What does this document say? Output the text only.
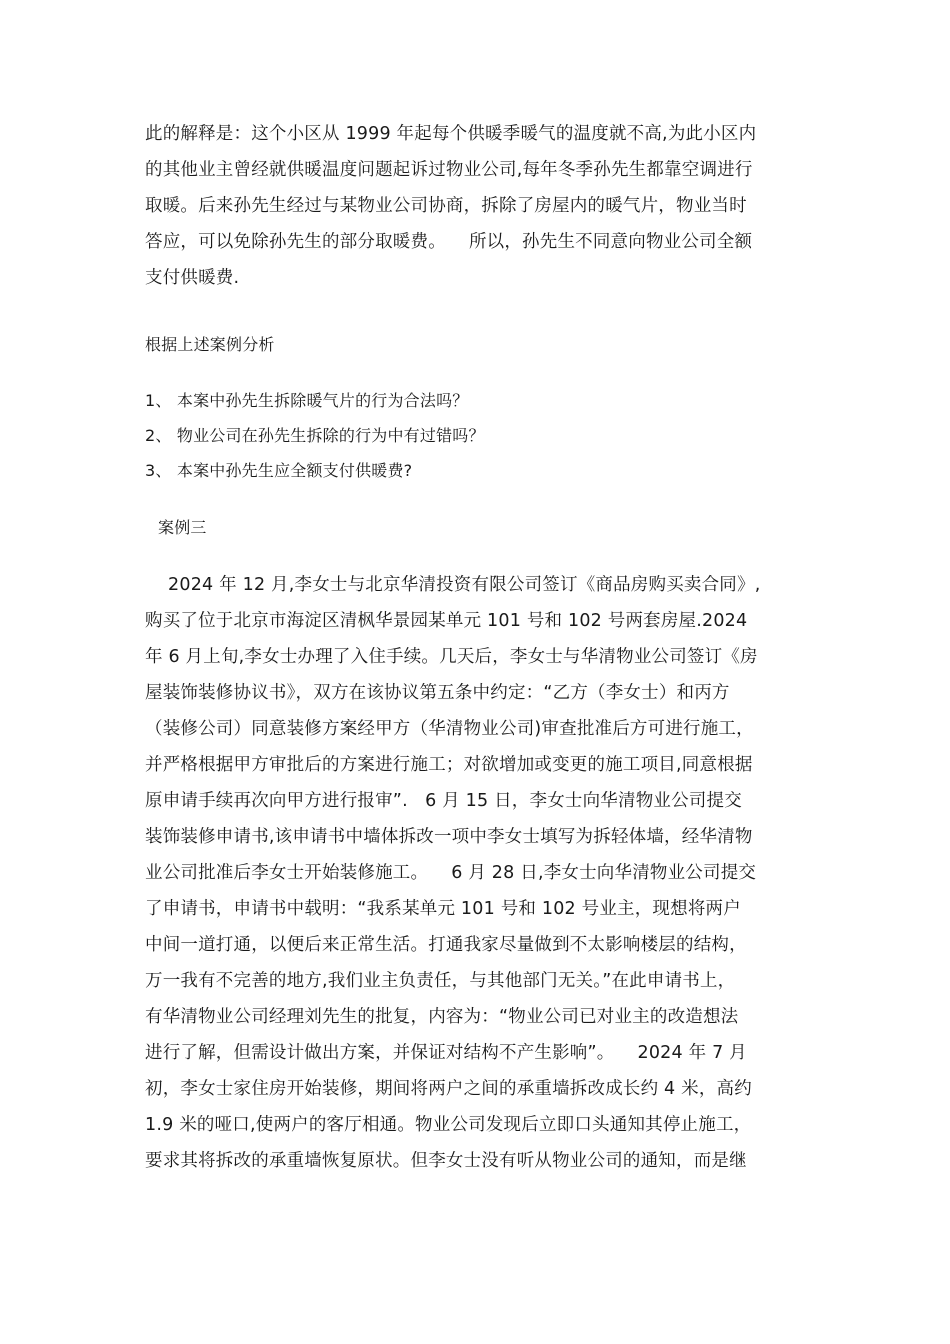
此的解释是：这个小区从 1999 年起每个供暖季暖气的温度就不高,为此小区内
的其他业主曾经就供暖温度问题起诉过物业公司,每年冬季孙先生都靠空调进行
取暖。后来孙先生经过与某物业公司协商，拆除了房屋内的暖气片，物业当时
答应，可以免除孙先生的部分取暖费。    所以，孙先生不同意向物业公司全额
支付供暖费.
根据上述案例分析
1、 本案中孙先生拆除暖气片的行为合法吗？
2、 物业公司在孙先生拆除的行为中有过错吗？
3、 本案中孙先生应全额支付供暖费?
案例三
2024 年 12 月,李女士与北京华清投资有限公司签订《商品房购买卖合同》,
购买了位于北京市海淀区清枫华景园某单元 101 号和 102 号两套房屋.2024
年 6 月上旬,李女士办理了入住手续。几天后，李女士与华清物业公司签订《房
屋装饰装修协议书》，双方在该协议第五条中约定：“乙方（李女士）和丙方
（装修公司）同意装修方案经甲方（华清物业公司)审查批准后方可进行施工，
并严格根据甲方审批后的方案进行施工；对欲增加或变更的施工项目,同意根据
原申请手续再次向甲方进行报审”.   6 月 15 日，李女士向华清物业公司提交
装饰装修申请书,该申请书中墙体拆改一项中李女士填写为拆轻体墙，经华清物
业公司批准后李女士开始装修施工。    6 月 28 日,李女士向华清物业公司提交
了申请书，申请书中载明：“我系某单元 101 号和 102 号业主，现想将两户
中间一道打通，以便后来正常生活。打通我家尽量做到不太影响楼层的结构，
万一我有不完善的地方,我们业主负责任，与其他部门无关。”在此申请书上，
有华清物业公司经理刘先生的批复，内容为：“物业公司已对业主的改造想法
进行了解，但需设计做出方案，并保证对结构不产生影响”。    2024 年 7 月
初，李女士家住房开始装修，期间将两户之间的承重墙拆改成长约 4 米，高约
1.9 米的哑口,使两户的客厅相通。物业公司发现后立即口头通知其停止施工，
要求其将拆改的承重墙恢复原状。但李女士没有听从物业公司的通知，而是继
